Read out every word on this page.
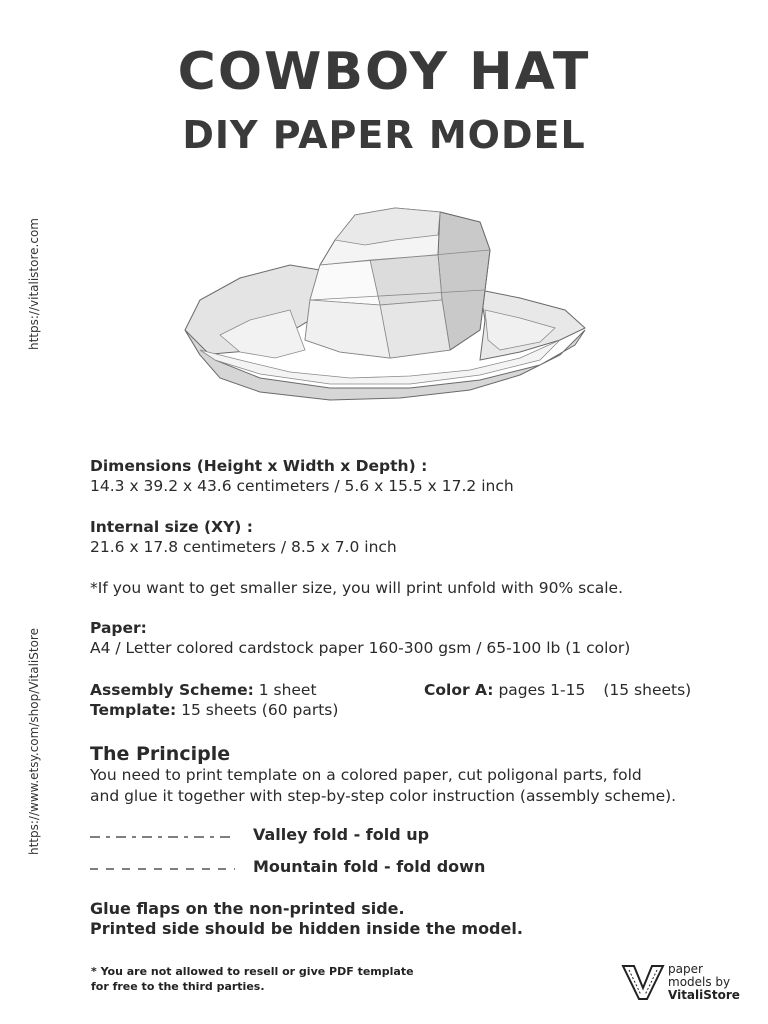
COWBOY HAT
DIY PAPER MODEL
https://vitalistore.com
https://www.etsy.com/shop/VitaliStore
Dimensions (Height x Width x Depth) :
14.3 x 39.2 x 43.6 centimeters / 5.6 x 15.5 x 17.2 inch
Internal size (XY) :
21.6 x 17.8 centimeters / 8.5 x 7.0 inch
*If you want to get smaller size, you will print unfold with 90% scale.
Paper:
A4 / Letter colored cardstock paper 160-300 gsm / 65-100 lb (1 color)
Assembly Scheme: 1 sheet
Template: 15 sheets (60 parts)
Color A: pages 1-15 (15 sheets)
The Principle
You need to print template on a colored paper, cut poligonal parts, fold
and glue it together with step-by-step color instruction (assembly scheme).
Valley fold - fold up
Mountain fold - fold down
Glue flaps on the non-printed side.
Printed side should be hidden inside the model.
* You are not allowed to resell or give PDF template
for free to the third parties.
paper
models by
VitaliStore
